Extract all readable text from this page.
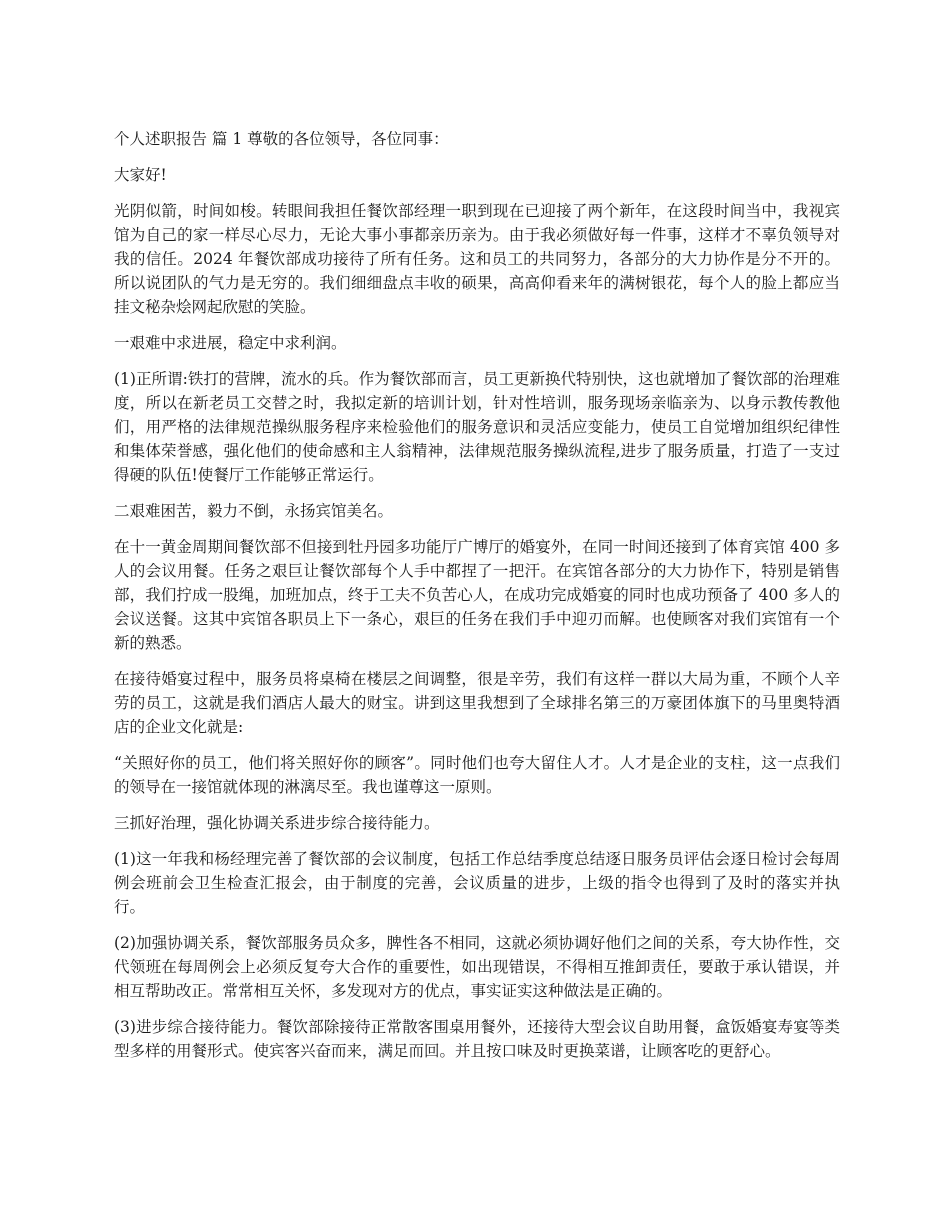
个人述职报告 篇 1 尊敬的各位领导，各位同事：

大家好!

光阴似箭，时间如梭。转眼间我担任餐饮部经理一职到现在已迎接了两个新年，在这段时间当中，我视宾馆为自己的家一样尽心尽力，无论大事小事都亲历亲为。由于我必须做好每一件事，这样才不辜负领导对我的信任。2024 年餐饮部成功接待了所有任务。这和员工的共同努力，各部分的大力协作是分不开的。所以说团队的气力是无穷的。我们细细盘点丰收的硕果，高高仰看来年的满树银花，每个人的脸上都应当挂文秘杂烩网起欣慰的笑脸。

一艰难中求进展，稳定中求利润。

(1)正所谓:铁打的营牌，流水的兵。作为餐饮部而言，员工更新换代特别快，这也就增加了餐饮部的治理难度，所以在新老员工交替之时，我拟定新的培训计划，针对性培训，服务现场亲临亲为、以身示教传教他们，用严格的法律规范操纵服务程序来检验他们的服务意识和灵活应变能力，使员工自觉增加组织纪律性和集体荣誉感，强化他们的使命感和主人翁精神，法律规范服务操纵流程,进步了服务质量，打造了一支过得硬的队伍!使餐厅工作能够正常运行。

二艰难困苦，毅力不倒，永扬宾馆美名。

在十一黄金周期间餐饮部不但接到牡丹园多功能厅广博厅的婚宴外，在同一时间还接到了体育宾馆 400 多人的会议用餐。任务之艰巨让餐饮部每个人手中都捏了一把汗。在宾馆各部分的大力协作下，特别是销售部，我们拧成一股绳，加班加点，终于工夫不负苦心人，在成功完成婚宴的同时也成功预备了 400 多人的会议送餐。这其中宾馆各职员上下一条心，艰巨的任务在我们手中迎刃而解。也使顾客对我们宾馆有一个新的熟悉。

在接待婚宴过程中，服务员将桌椅在楼层之间调整，很是辛劳，我们有这样一群以大局为重，不顾个人辛劳的员工，这就是我们酒店人最大的财宝。讲到这里我想到了全球排名第三的万豪团体旗下的马里奥特酒店的企业文化就是:

“关照好你的员工，他们将关照好你的顾客”。同时他们也夸大留住人才。人才是企业的支柱，这一点我们的领导在一接馆就体现的淋漓尽至。我也谨尊这一原则。

三抓好治理，强化协调关系进步综合接待能力。

(1)这一年我和杨经理完善了餐饮部的会议制度，包括工作总结季度总结逐日服务员评估会逐日检讨会每周例会班前会卫生检查汇报会，由于制度的完善，会议质量的进步，上级的指令也得到了及时的落实并执行。

(2)加强协调关系，餐饮部服务员众多，脾性各不相同，这就必须协调好他们之间的关系，夸大协作性，交代领班在每周例会上必须反复夸大合作的重要性，如出现错误，不得相互推卸责任，要敢于承认错误，并相互帮助改正。常常相互关怀，多发现对方的优点，事实证实这种做法是正确的。

(3)进步综合接待能力。餐饮部除接待正常散客围桌用餐外，还接待大型会议自助用餐，盒饭婚宴寿宴等类型多样的用餐形式。使宾客兴奋而来，满足而回。并且按口味及时更换菜谱，让顾客吃的更舒心。
